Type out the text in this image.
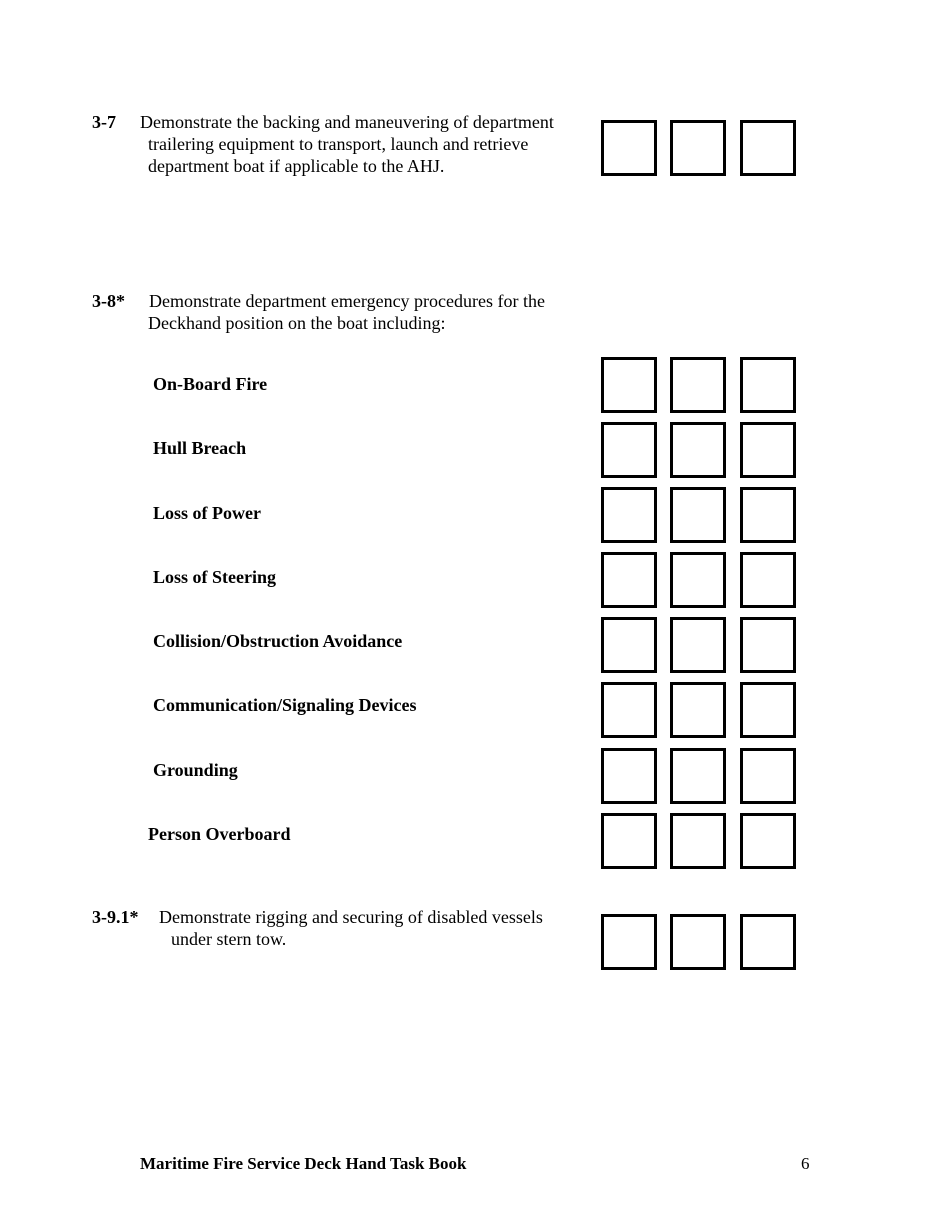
3-7 Demonstrate the backing and maneuvering of department
trailering equipment to transport, launch and retrieve
department boat if applicable to the AHJ.
3-8* Demonstrate department emergency procedures for the
Deckhand position on the boat including:
On-Board Fire
Hull Breach
Loss of Power
Loss of Steering
Collision/Obstruction Avoidance
Communication/Signaling Devices
Grounding
Person Overboard
3-9.1* Demonstrate rigging and securing of disabled vessels
under stern tow.
Maritime Fire Service Deck Hand Task Book	6
